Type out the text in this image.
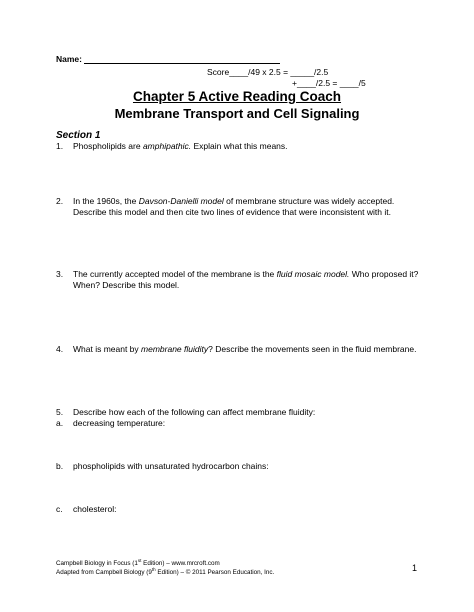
Name:
Score____/49 x 2.5 = _____/2.5
+____/2.5 = ____/5
Chapter 5 Active Reading Coach
Membrane Transport and Cell Signaling
Section 1
1. Phospholipids are amphipathic. Explain what this means.
2. In the 1960s, the Davson-Danielli model of membrane structure was widely accepted. Describe this model and then cite two lines of evidence that were inconsistent with it.
3. The currently accepted model of the membrane is the fluid mosaic model. Who proposed it? When? Describe this model.
4. What is meant by membrane fluidity? Describe the movements seen in the fluid membrane.
5. Describe how each of the following can affect membrane fluidity:
a. decreasing temperature:
b. phospholipids with unsaturated hydrocarbon chains:
c. cholesterol:
Campbell Biology in Focus (1st Edition) – www.mrcroft.com
Adapted from Campbell Biology (9th Edition) – © 2011 Pearson Education, Inc.	1
